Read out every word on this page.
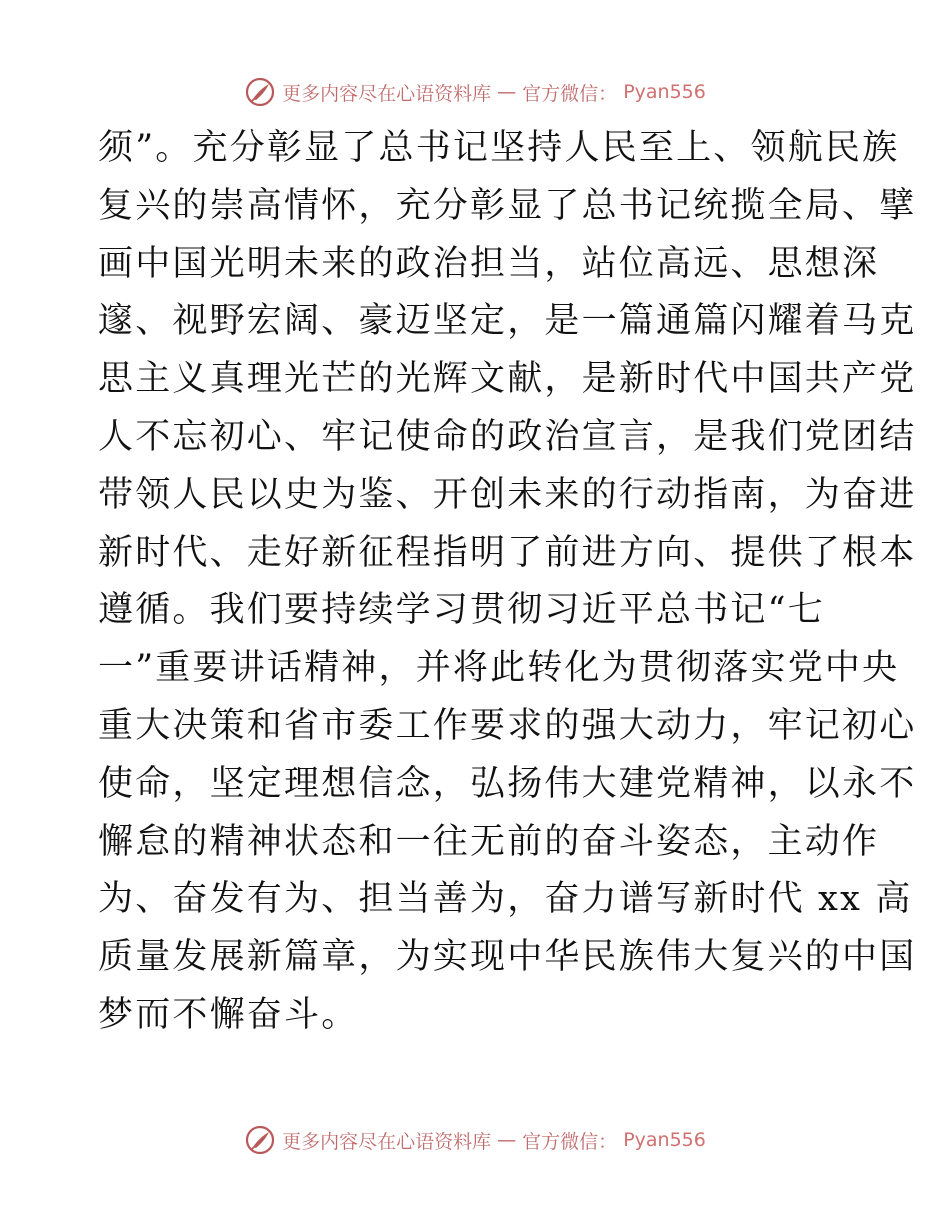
更多内容尽在心语资料库 — 官方微信： Pyan556
须”。充分彰显了总书记坚持人民至上、领航民族
复兴的崇高情怀，充分彰显了总书记统揽全局、擘
画中国光明未来的政治担当，站位高远、思想深
邃、视野宏阔、豪迈坚定，是一篇通篇闪耀着马克
思主义真理光芒的光辉文献，是新时代中国共产党
人不忘初心、牢记使命的政治宣言，是我们党团结
带领人民以史为鉴、开创未来的行动指南，为奋进
新时代、走好新征程指明了前进方向、提供了根本
遵循。我们要持续学习贯彻习近平总书记“七
一”重要讲话精神，并将此转化为贯彻落实党中央
重大决策和省市委工作要求的强大动力，牢记初心
使命，坚定理想信念，弘扬伟大建党精神，以永不
懈怠的精神状态和一往无前的奋斗姿态，主动作
为、奋发有为、担当善为，奋力谱写新时代 xx 高
质量发展新篇章，为实现中华民族伟大复兴的中国
梦而不懈奋斗。
更多内容尽在心语资料库 — 官方微信： Pyan556
